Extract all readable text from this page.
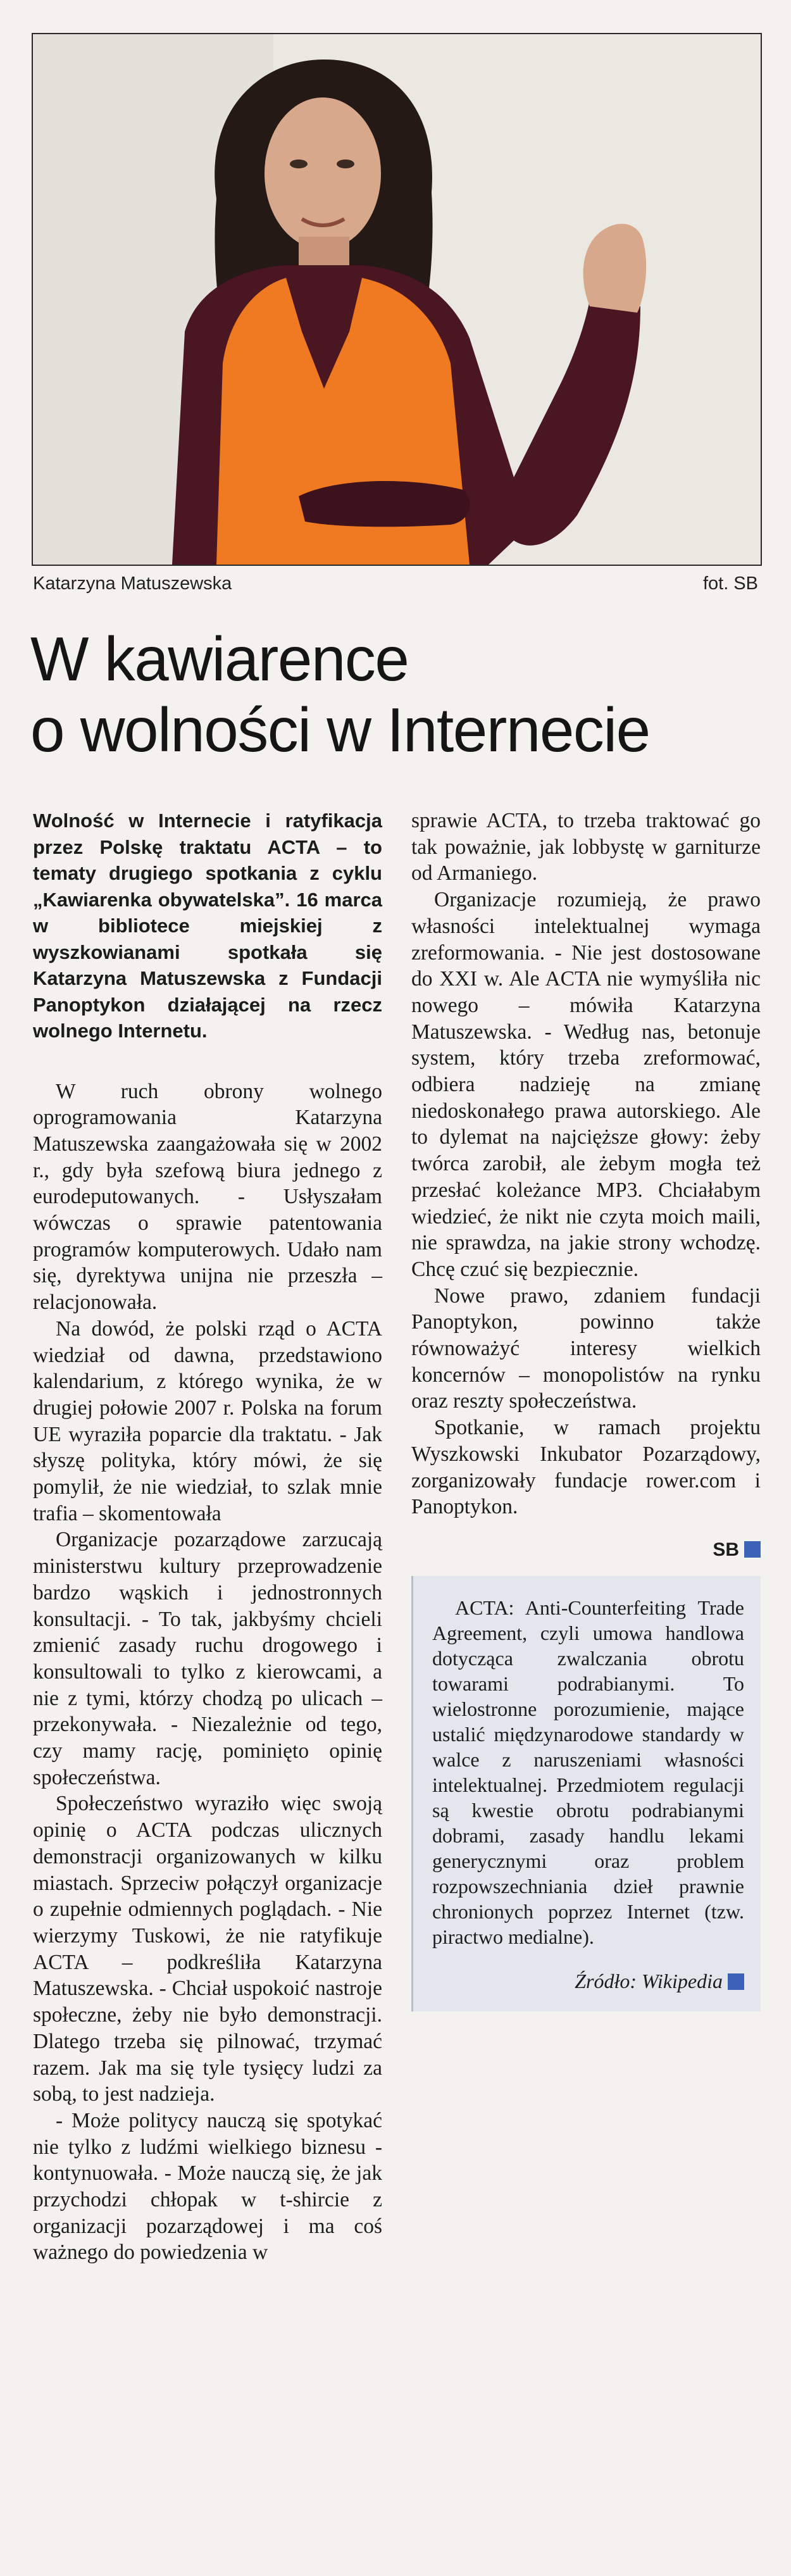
Katarzyna Matuszewska	fot. SB
W kawiarence
o wolności w Internecie
Wolność w Internecie i ratyfikacja przez Polskę traktatu ACTA – to tematy drugiego spotkania z cyklu „Kawiarenka obywatelska”. 16 marca w bibliotece miejskiej z wyszkowianami spotkała się Katarzyna Matuszewska z Fundacji Panoptykon działającej na rzecz wolnego Internetu.

W ruch obrony wolnego oprogramowania Katarzyna Matuszewska zaangażowała się w 2002 r., gdy była szefową biura jednego z eurodeputowanych. - Usłyszałam wówczas o sprawie patentowania programów komputerowych. Udało nam się, dyrektywa unijna nie przeszła – relacjonowała.

Na dowód, że polski rząd o ACTA wiedział od dawna, przedstawiono kalendarium, z którego wynika, że w drugiej połowie 2007 r. Polska na forum UE wyraziła poparcie dla traktatu. - Jak słyszę polityka, który mówi, że się pomylił, że nie wiedział, to szlak mnie trafia – skomentowała

Organizacje pozarządowe zarzucają ministerstwu kultury przeprowadzenie bardzo wąskich i jednostronnych konsultacji. - To tak, jakbyśmy chcieli zmienić zasady ruchu drogowego i konsultowali to tylko z kierowcami, a nie z tymi, którzy chodzą po ulicach – przekonywała. - Niezależnie od tego, czy mamy rację, pominięto opinię społeczeństwa.

Społeczeństwo wyraziło więc swoją opinię o ACTA podczas ulicznych demonstracji organizowanych w kilku miastach. Sprzeciw połączył organizacje o zupełnie odmiennych poglądach. - Nie wierzymy Tuskowi, że nie ratyfikuje ACTA – podkreśliła Katarzyna Matuszewska. - Chciał uspokoić nastroje społeczne, żeby nie było demonstracji. Dlatego trzeba się pilnować, trzymać razem. Jak ma się tyle tysięcy ludzi za sobą, to jest nadzieja.

- Może politycy nauczą się spotykać nie tylko z ludźmi wielkiego biznesu - kontynuowała. - Może nauczą się, że jak przychodzi chłopak w t-shircie z organizacji pozarządowej i ma coś ważnego do powiedzenia w

sprawie ACTA, to trzeba traktować go tak poważnie, jak lobbystę w garniturze od Armaniego.

Organizacje rozumieją, że prawo własności intelektualnej wymaga zreformowania. - Nie jest dostosowane do XXI w. Ale ACTA nie wymyśliła nic nowego – mówiła Katarzyna Matuszewska. - Według nas, betonuje system, który trzeba zreformować, odbiera nadzieję na zmianę niedoskonałego prawa autorskiego. Ale to dylemat na najcięższe głowy: żeby twórca zarobił, ale żebym mogła też przesłać koleżance MP3. Chciałabym wiedzieć, że nikt nie czyta moich maili, nie sprawdza, na jakie strony wchodzę. Chcę czuć się bezpiecznie.

Nowe prawo, zdaniem fundacji Panoptykon, powinno także równoważyć interesy wielkich koncernów – monopolistów na rynku oraz reszty społeczeństwa.

Spotkanie, w ramach projektu Wyszkowski Inkubator Pozarządowy, zorganizowały fundacje rower.com i Panoptykon.

SB

ACTA: Anti-Counterfeiting Trade Agreement, czyli umowa handlowa dotycząca zwalczania obrotu towarami podrabianymi. To wielostronne porozumienie, mające ustalić międzynarodowe standardy w walce z naruszeniami własności intelektualnej. Przedmiotem regulacji są kwestie obrotu podrabianymi dobrami, zasady handlu lekami generycznymi oraz problem rozpowszechniania dzieł prawnie chronionych poprzez Internet (tzw. piractwo medialne).

Źródło: Wikipedia
